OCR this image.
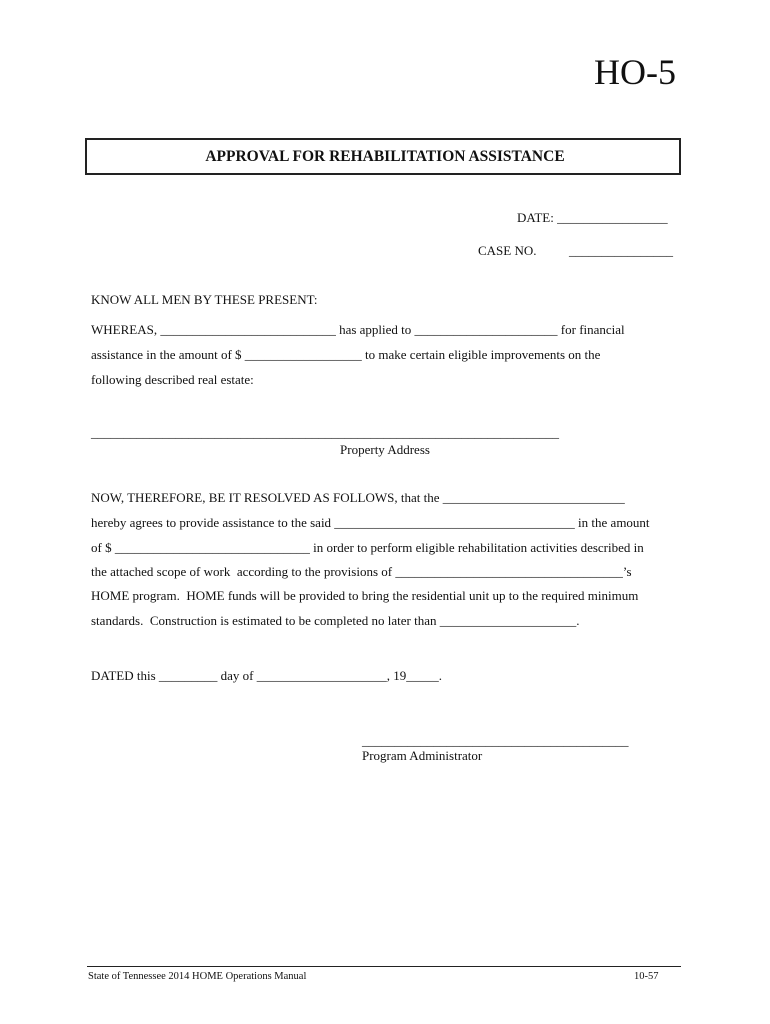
HO-5
APPROVAL FOR REHABILITATION ASSISTANCE
DATE: _________________
CASE NO. ________________
KNOW ALL MEN BY THESE PRESENT:
WHEREAS, ___________________________ has applied to ______________________ for financial
assistance in the amount of $ __________________ to make certain eligible improvements on the
following described real estate:
________________________________________________________________________
Property Address
NOW, THEREFORE, BE IT RESOLVED AS FOLLOWS, that the ____________________________
hereby agrees to provide assistance to the said _____________________________________ in the amount
of $ ______________________________ in order to perform eligible rehabilitation activities described in
the attached scope of work  according to the provisions of ___________________________________’s
HOME program.  HOME funds will be provided to bring the residential unit up to the required minimum
standards.  Construction is estimated to be completed no later than _____________________.
DATED this _________ day of ____________________, 19_____.
_________________________________________
Program Administrator
State of Tennessee 2014 HOME Operations Manual	10-57
